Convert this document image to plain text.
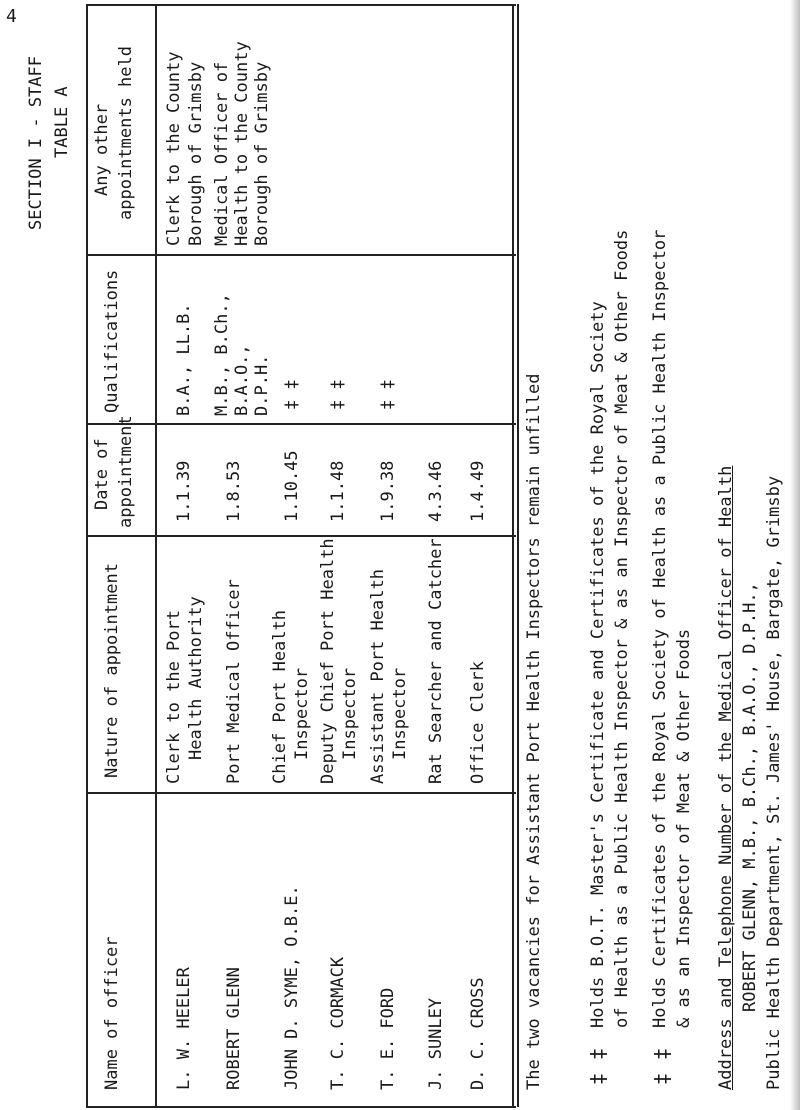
4
SECTION I - STAFF TABLE A
Name of officer
Nature of appointment
Date of appointment
Qualifications
Any other appointments held
L. W. HEELER
Clerk to the Port Health Authority
1.1.39
B.A., LL.B.
Clerk to the County Borough of Grimsby
ROBERT GLENN
Port Medical Officer
1.8.53
M.B., B.Ch., B.A.O., D.P.H.
Medical Officer of Health to the County Borough of Grimsby
JOHN D. SYME, O.B.E.
Chief Port Health Inspector
1.10.45
‡ ‡
T. C. CORMACK
Deputy Chief Port Health Inspector
1.1.48
‡ ‡
T. E. FORD
Assistant Port Health Inspector
1.9.38
‡ ‡
J. SUNLEY
Rat Searcher and Catcher
4.3.46
D. C. CROSS
Office Clerk
1.4.49 The two vacancies for Assistant Port Health Inspectors remain unfilled ‡
‡
Holds B.O.T. Master's Certificate and Certificates of the Royal Society of Health as a Public Health Inspector & as an Inspector of Meat & Other Foods
‡
‡
Holds Certificates of the Royal Society of Health as a Public Health Inspector & as an Inspector of Meat & Other Foods Address and Telephone Number of the Medical Officer of Health ROBERT GLENN, M.B., B.Ch., B.A.O., D.P.H., Public Health Department, St. James' House, Bargate, Grimsby
